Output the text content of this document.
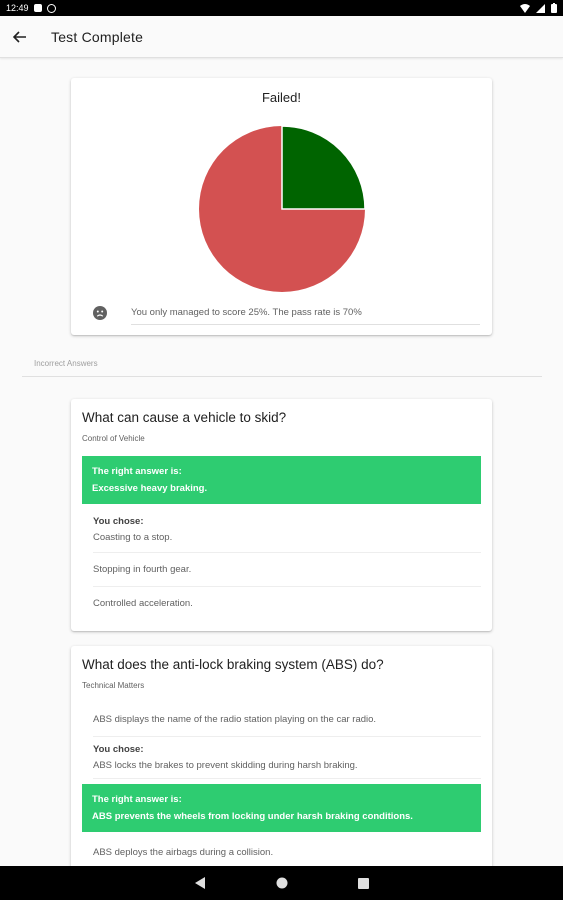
12:49
Test Complete
Failed!
You only managed to score 25%. The pass rate is 70%
Incorrect Answers
What can cause a vehicle to skid?
Control of Vehicle
The right answer is:
Excessive heavy braking.
You chose:
Coasting to a stop.
Stopping in fourth gear.
Controlled acceleration.
What does the anti-lock braking system (ABS) do?
Technical Matters
ABS displays the name of the radio station playing on the car radio.
You chose:
ABS locks the brakes to prevent skidding during harsh braking.
The right answer is:
ABS prevents the wheels from locking under harsh braking conditions.
ABS deploys the airbags during a collision.
